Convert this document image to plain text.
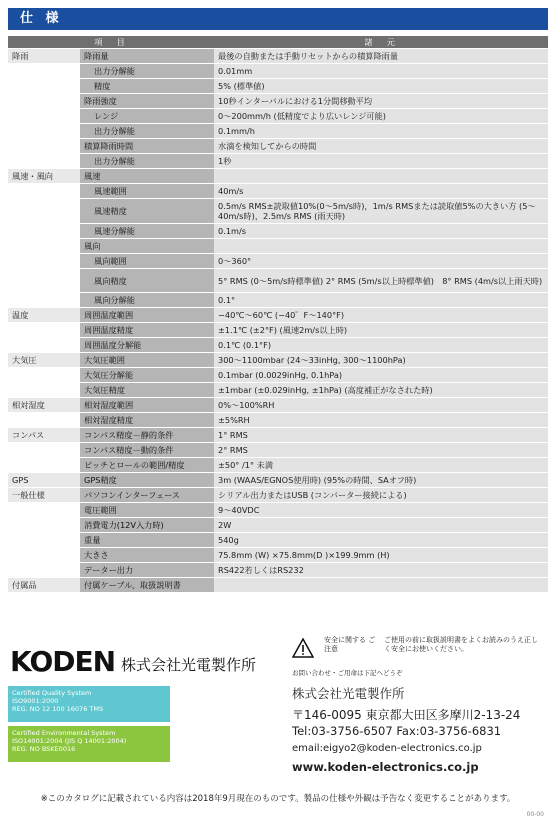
仕 様
項　目		諸　元
降雨	降雨量	最後の自動または手動リセットからの積算降雨量
	出力分解能	0.01mm
	精度	5% (標準値)
	降雨強度	10秒インターバルにおける1分間移動平均
	レンジ	0～200mm/h (低精度でより広いレンジ可能)
	出力分解能	0.1mm/h
	積算降雨時間	水滴を検知してからの時間
	出力分解能	1秒
風速・風向	風速	
	風速範囲	40m/s
	風速精度	0.5m/s RMS±読取値10%(0～5m/s時)，1m/s RMSまたは読取値5%の大きい方 (5～40m/s時)，2.5m/s RMS (雨天時)
	風速分解能	0.1m/s
	風向	
	風向範囲	0～360°
	風向精度	5° RMS (0～5m/s時標準値) 2° RMS (5m/s以上時標準値)　8° RMS (4m/s以上雨天時)
	風向分解能	0.1°
温度	周囲温度範囲	−40℃～60℃ (−40゜F～140°F)
	周囲温度精度	±1.1℃ (±2°F) (風速2m/s以上時)
	周囲温度分解能	0.1℃ (0.1°F)
大気圧	大気圧範囲	300～1100mbar (24～33inHg, 300～1100hPa)
	大気圧分解能	0.1mbar (0.0029inHg, 0.1hPa)
	大気圧精度	±1mbar (±0.029inHg, ±1hPa) (高度補正がなされた時)
相対湿度	相対湿度範囲	0%～100%RH
	相対湿度精度	±5%RH
コンパス	コンパス精度－静的条件	1° RMS
	コンパス精度－動的条件	2° RMS
	ピッチとロールの範囲/精度	±50° /1° 未満
GPS	GPS精度	3m (WAAS/EGNOS使用時) (95%の時間、SAオフ時)
一般仕様	パソコンインターフェース	シリアル出力またはUSB (コンバーター接続による)
	電圧範囲	9～40VDC
	消費電力(12V入力時)	2W
	重量	540g
	大きさ	75.8mm (W) ×75.8mm(D )×199.9mm (H)
	データー出力	RS422若しくはRS232
付属品	付属ケーブル、取扱説明書	
KODEN 株式会社光電製作所
Certified Quality System
ISO9001:2000
REG. NO 12 100 16076 TMS
Certified Environmental System
ISO14001:2004 (JIS Q 14001:2004)
REG. NO BSKE0016
安全に関する ご注意
ご使用の前に取扱説明書をよくお読みのうえ正しく安全にお使いください。
お問い合わせ・ご用命は下記へどうぞ
株式会社光電製作所
〒146-0095 東京都大田区多摩川2-13-24
Tel:03-3756-6507 Fax:03-3756-6831
email:eigyo2@koden-electronics.co.jp
www.koden-electronics.co.jp
※このカタログに記載されている内容は2018年9月現在のものです。製品の仕様や外観は予告なく変更することがあります。
00-00
